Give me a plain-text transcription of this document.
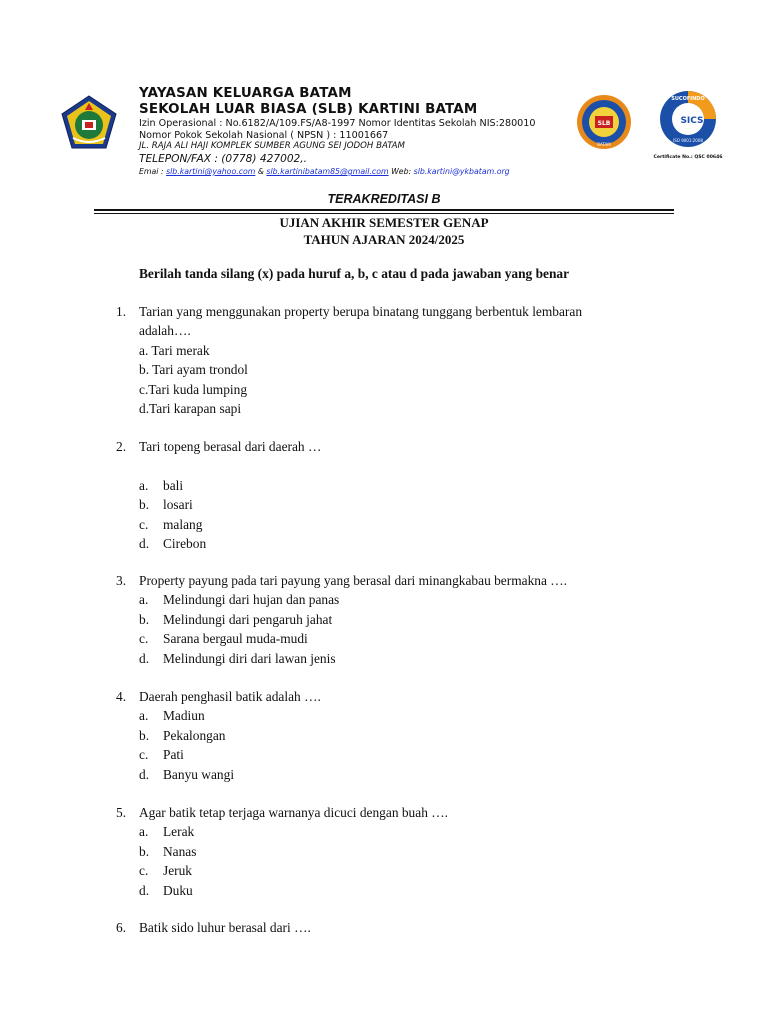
YAYASAN KELUARGA BATAM
SEKOLAH LUAR BIASA (SLB) KARTINI BATAM
Izin Operasional : No.6182/A/109.FS/A8-1997 Nomor Identitas Sekolah NIS:280010
Nomor Pokok Sekolah Nasional ( NPSN ) : 11001667
JL. RAJA ALI HAJI KOMPLEK SUMBER AGUNG SEI JODOH BATAM
TELEPON/FAX : (0778) 427002,.
Emai : slb.kartini@yahoo.com & slb.kartinibatam85@gmail.com Web: slb.kartini@ykbatam.org
SLB
BATAM
SUCOFINDO
SICS
ISO 9001:2008
Certificate No.: QSC 00646
TERAKREDITASI B
UJIAN AKHIR SEMESTER GENAP
TAHUN AJARAN 2024/2025
Berilah tanda silang (x) pada huruf a, b, c atau d pada jawaban yang benar
1. Tarian yang menggunakan property berupa binatang tunggang berbentuk lembaran
adalah….
a. Tari merak
b. Tari ayam trondol
c.Tari kuda lumping
d.Tari karapan sapi
2. Tari topeng berasal dari daerah …
a. bali
b. losari
c. malang
d. Cirebon
3. Property payung pada tari payung yang berasal dari minangkabau bermakna ….
a. Melindungi dari hujan dan panas
b. Melindungi dari pengaruh jahat
c. Sarana bergaul muda-mudi
d. Melindungi diri dari lawan jenis
4. Daerah penghasil batik adalah ….
a. Madiun
b. Pekalongan
c. Pati
d. Banyu wangi
5. Agar batik tetap terjaga warnanya dicuci dengan buah ….
a. Lerak
b. Nanas
c. Jeruk
d. Duku
6. Batik sido luhur berasal dari ….
